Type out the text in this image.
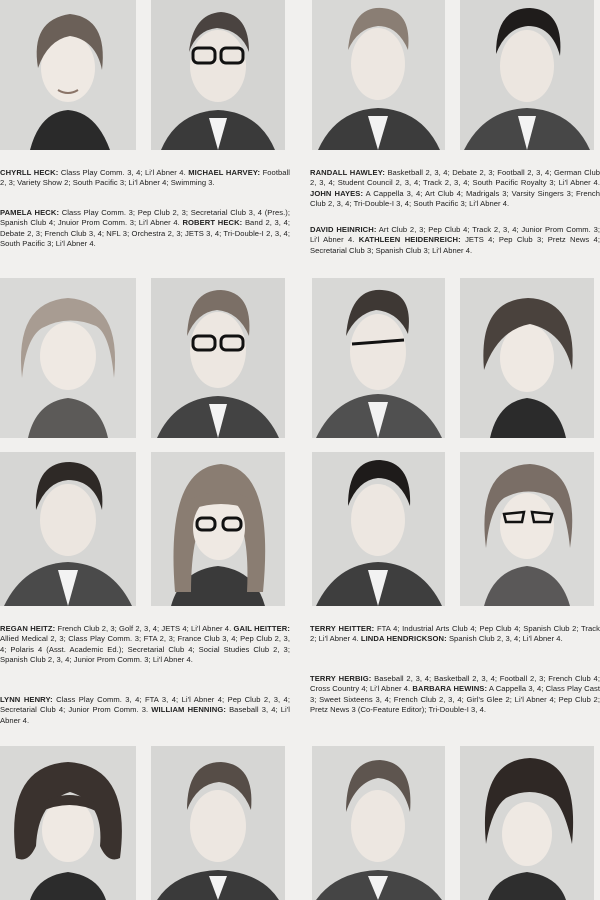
CHYRLL HECK: Class Play Comm. 3, 4; Li'l Abner 4. MICHAEL HARVEY: Football 2, 3; Variety Show 2; South Pacific 3; Li'l Abner 4; Swimming 3.

PAMELA HECK: Class Play Comm. 3; Pep Club 2, 3; Secretarial Club 3, 4 (Pres.); Spanish Club 4; Jnuior Prom Comm. 3; Li'l Abner 4. ROBERT HECK: Band 2, 3, 4; Debate 2, 3; French Club 3, 4; NFL 3; Orchestra 2, 3; JETS 3, 4; Tri-Double-I 2, 3, 4; South Pacific 3; Li'l Abner 4.

RANDALL HAWLEY: Basketball 2, 3, 4; Debate 2, 3; Football 2, 3, 4; German Club 2, 3, 4; Student Council 2, 3, 4; Track 2, 3, 4; South Pacific Royalty 3; Li'l Abner 4. JOHN HAYES: A Cappella 3, 4; Art Club 4; Madrigals 3; Varsity Singers 3; French Club 2, 3, 4; Tri-Double-I 3, 4; South Pacific 3; Li'l Abner 4.

DAVID HEINRICH: Art Club 2, 3; Pep Club 4; Track 2, 3, 4; Junior Prom Comm. 3; Li'l Abner 4. KATHLEEN HEIDENREICH: JETS 4; Pep Club 3; Pretz News 4; Secretarial Club 3; Spanish Club 3; Li'l Abner 4.

REGAN HEITZ: French Club 2, 3; Golf 2, 3, 4; JETS 4; Li'l Abner 4. GAIL HEITTER: Allied Medical 2, 3; Class Play Comm. 3; FTA 2, 3; France Club 3, 4; Pep Club 2, 3, 4; Polaris 4 (Asst. Academic Ed.); Secretarial Club 4; Social Studies Club 2, 3; Spanish Club 2, 3, 4; Junior Prom Comm. 3; Li'l Abner 4.

LYNN HENRY: Class Play Comm. 3, 4; FTA 3, 4; Li'l Abner 4; Pep Club 2, 3, 4; Secretarial Club 4; Junior Prom Comm. 3. WILLIAM HENNING: Baseball 3, 4; Li'l Abner 4.

TERRY HEITTER: FTA 4; Industrial Arts Club 4; Pep Club 4; Spanish Club 2; Track 2; Li'l Abner 4. LINDA HENDRICKSON: Spanish Club 2, 3, 4; Li'l Abner 4.

TERRY HERBIG: Baseball 2, 3, 4; Basketball 2, 3, 4; Football 2, 3; French Club 4; Cross Country 4; Li'l Abner 4. BARBARA HEWINS: A Cappella 3, 4; Class Play Cast 3; Sweet Sixteens 3, 4; French Club 2, 3, 4; Girl's Glee 2; Li'l Abner 4; Pep Club 2; Pretz News 3 (Co-Feature Editor); Tri-Double-I 3, 4.
